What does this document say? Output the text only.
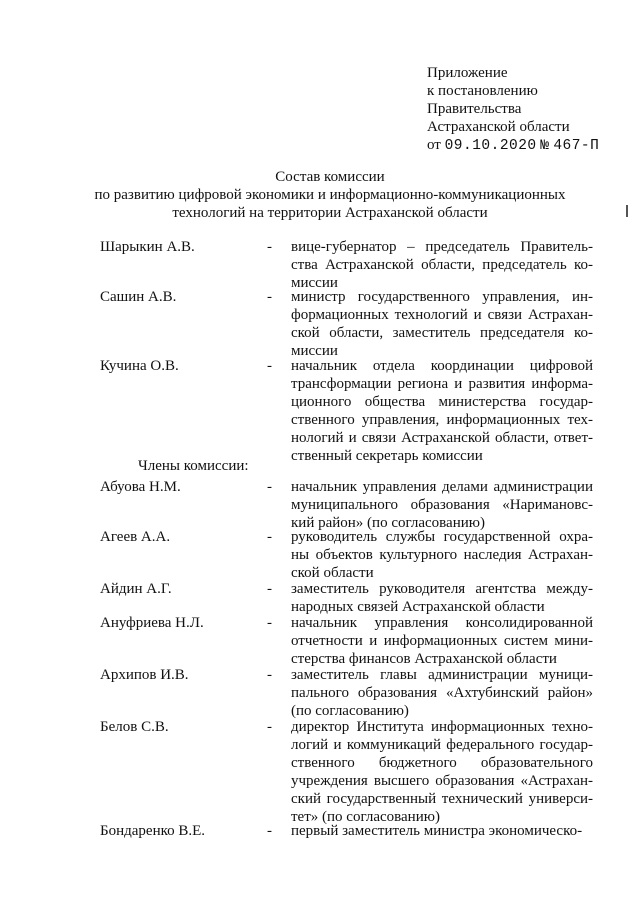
Приложение
к постановлению
Правительства
Астраханской области
от 09.10.2020 № 467-П
Состав комиссии
по развитию цифровой экономики и информационно-коммуникационных
технологий на территории Астраханской области
Члены комиссии:
Шарыкин А.В.	- вице-губернатор – председатель Правитель-
ства Астраханской области, председатель ко-
миссии
Сашин А.В.	- министр государственного управления, ин-
формационных технологий и связи Астрахан-
ской области, заместитель председателя ко-
миссии
Кучина О.В.	- начальник отдела координации цифровой
трансформации региона и развития информа-
ционного общества министерства государ-
ственного управления, информационных тех-
нологий и связи Астраханской области, ответ-
ственный секретарь комиссии
Абуова Н.М.	- начальник управления делами администрации
муниципального образования «Наримановс-
кий район» (по согласованию)
Агеев А.А.	- руководитель службы государственной охра-
ны объектов культурного наследия Астрахан-
ской области
Айдин А.Г.	- заместитель руководителя агентства между-
народных связей Астраханской области
Ануфриева Н.Л.	- начальник управления консолидированной
отчетности и информационных систем мини-
стерства финансов Астраханской области
Архипов И.В.	- заместитель главы администрации муници-
пального образования «Ахтубинский район»
(по согласованию)
Белов С.В.	- директор Института информационных техно-
логий и коммуникаций федерального государ-
ственного бюджетного образовательного
учреждения высшего образования «Астрахан-
ский государственный технический универси-
тет» (по согласованию)
Бондаренко В.Е.	- первый заместитель министра экономическо-
